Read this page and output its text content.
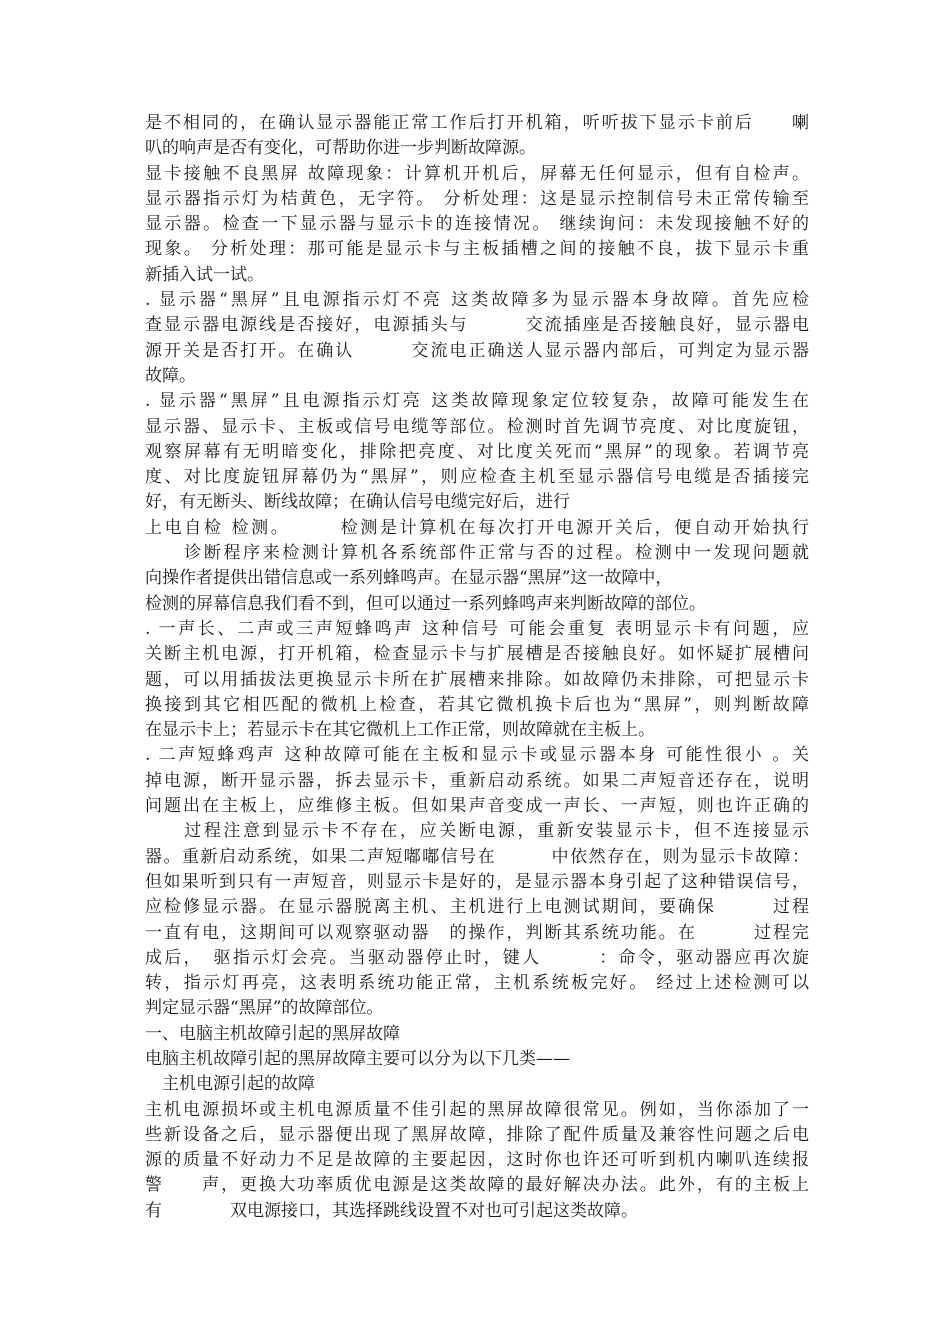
是不相同的，在确认显示器能正常工作后打开机箱，听听拔下显示卡前后　　喇
叭的响声是否有变化，可帮助你进一步判断故障源。
显卡接触不良黑屏 故障现象：计算机开机后，屏幕无任何显示，但有自检声。
显示器指示灯为桔黄色，无字符。 分析处理：这是显示控制信号未正常传输至
显示器。检查一下显示器与显示卡的连接情况。 继续询问：未发现接触不好的
现象。 分析处理：那可能是显示卡与主板插槽之间的接触不良，拔下显示卡重
新插入试一试。
. 显示器“黑屏”且电源指示灯不亮 这类故障多为显示器本身故障。首先应检
查显示器电源线是否接好，电源插头与　　　交流插座是否接触良好，显示器电
源开关是否打开。在确认　　　交流电正确送人显示器内部后，可判定为显示器
故障。
. 显示器“黑屏”且电源指示灯亮 这类故障现象定位较复杂，故障可能发生在
显示器、显示卡、主板或信号电缆等部位。检测时首先调节亮度、对比度旋钮，
观察屏幕有无明暗变化，排除把亮度、对比度关死而“黑屏”的现象。若调节亮
度、对比度旋钮屏幕仍为“黑屏”，则应检查主机至显示器信号电缆是否插接完
好，有无断头、断线故障；在确认信号电缆完好后，进行
上电自检 检测。　　　检测是计算机在每次打开电源开关后，便自动开始执行
　　诊断程序来检测计算机各系统部件正常与否的过程。检测中一发现问题就
向操作者提供出错信息或一系列蜂鸣声。在显示器“黑屏”这一故障中，
检测的屏幕信息我们看不到，但可以通过一系列蜂鸣声来判断故障的部位。
. 一声长、二声或三声短蜂鸣声 这种信号 可能会重复 表明显示卡有问题，应
关断主机电源，打开机箱，检查显示卡与扩展槽是否接触良好。如怀疑扩展槽问
题，可以用插拔法更换显示卡所在扩展槽来排除。如故障仍未排除，可把显示卡
换接到其它相匹配的微机上检查，若其它微机换卡后也为“黑屏”，则判断故障
在显示卡上；若显示卡在其它微机上工作正常，则故障就在主板上。
. 二声短蜂鸡声 这种故障可能在主板和显示卡或显示器本身 可能性很小 。关
掉电源，断开显示器，拆去显示卡，重新启动系统。如果二声短音还存在，说明
问题出在主板上，应维修主板。但如果声音变成一声长、一声短，则也许正确的
　　过程注意到显示卡不存在，应关断电源，重新安装显示卡，但不连接显示
器。重新启动系统，如果二声短嘟嘟信号在　　　中依然存在，则为显示卡故障：
但如果听到只有一声短音，则显示卡是好的，是显示器本身引起了这种错误信号，
应检修显示器。在显示器脱离主机、主机进行上电测试期间，要确保　　　过程
一直有电，这期间可以观察驱动器　的操作，判断其系统功能。在　　　过程完
成后，　驱指示灯会亮。当驱动器停止时，键人　　　：命令，驱动器应再次旋
转，指示灯再亮，这表明系统功能正常，主机系统板完好。 经过上述检测可以
判定显示器“黑屏”的故障部位。
一、电脑主机故障引起的黑屏故障
电脑主机故障引起的黑屏故障主要可以分为以下几类——
　主机电源引起的故障
主机电源损坏或主机电源质量不佳引起的黑屏故障很常见。例如，当你添加了一
些新设备之后，显示器便出现了黑屏故障，排除了配件质量及兼容性问题之后电
源的质量不好动力不足是故障的主要起因，这时你也许还可听到机内喇叭连续报
警　　声，更换大功率质优电源是这类故障的最好解决办法。此外，有的主板上
有　　　　双电源接口，其选择跳线设置不对也可引起这类故障。
